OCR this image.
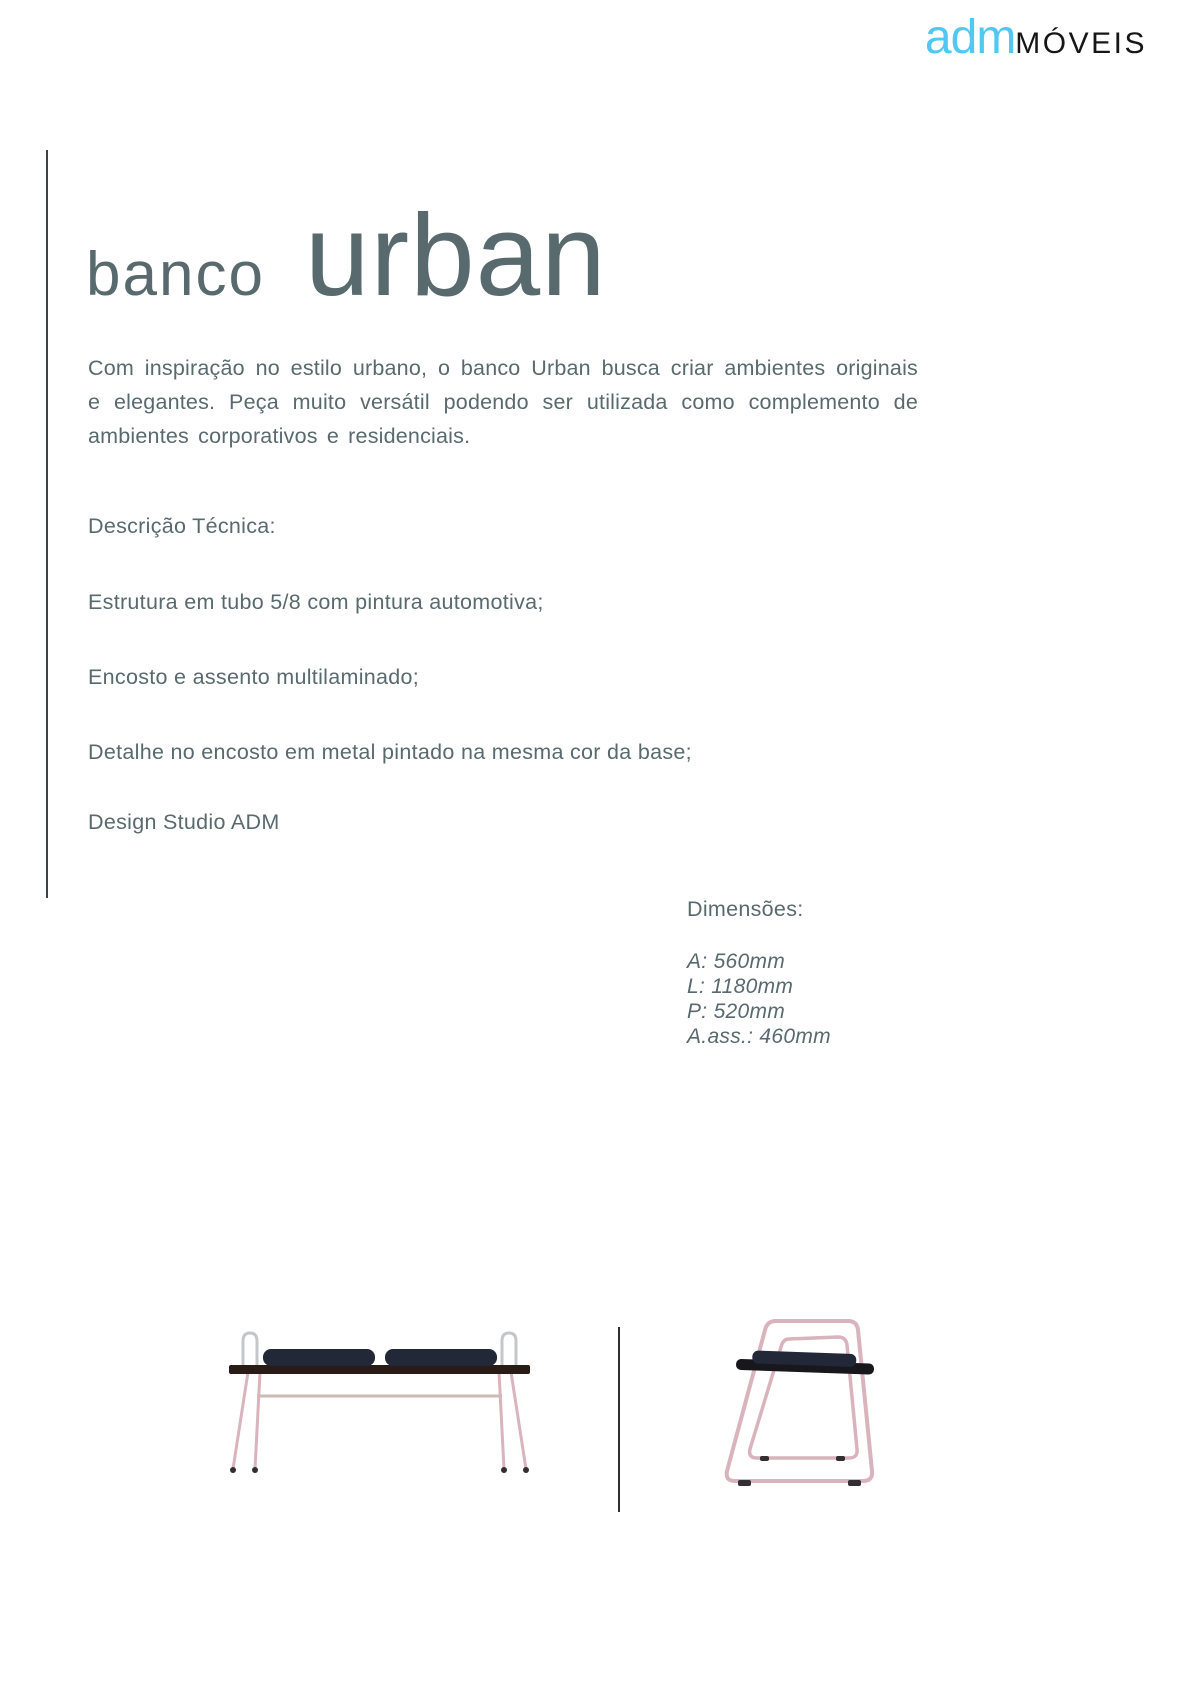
adm MÓVEIS
banco urban

Com inspiração no estilo urbano, o banco Urban busca criar ambientes originais e elegantes. Peça muito versátil podendo ser utilizada como complemento de ambientes corporativos e residenciais.

Descrição Técnica:

Estrutura em tubo 5/8 com pintura automotiva;

Encosto e assento multilaminado;

Detalhe no encosto em metal pintado na mesma cor da base;

Design Studio ADM

Dimensões:

A: 560mm

L: 1180mm

P: 520mm

A.ass.: 460mm
